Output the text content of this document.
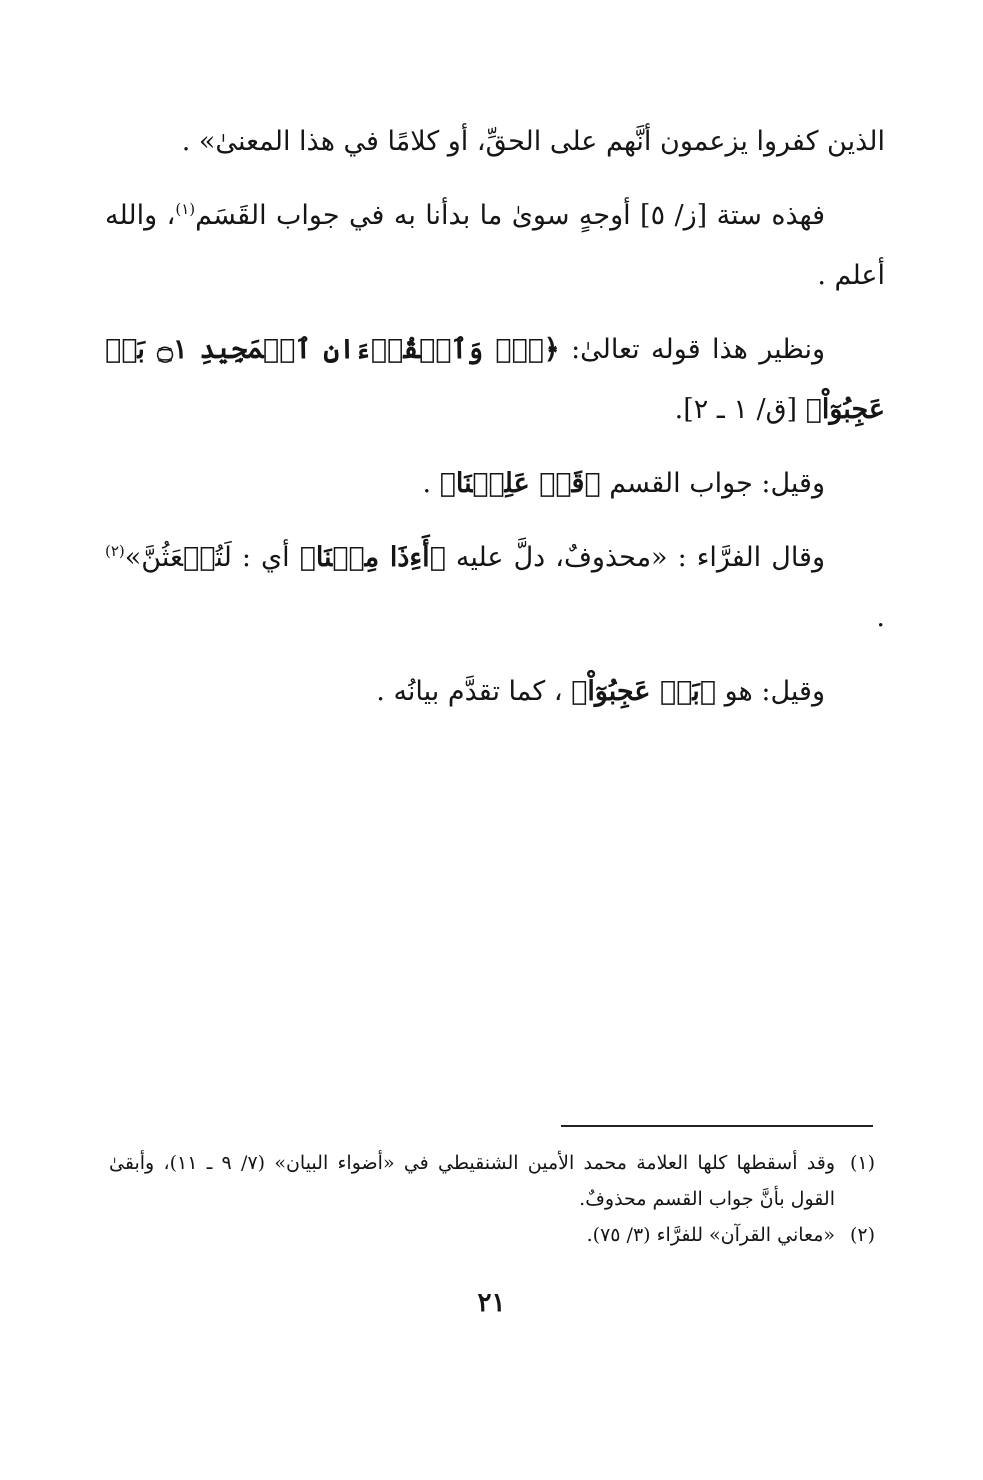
الذين كفروا يزعمون أنَّهم على الحقِّ، أو كلامًا في هذا المعنىٰ» .

فهذه ستة [ز/ ٥] أوجهٍ سوىٰ ما بدأنا به في جواب القَسَم$^{(١)}$، والله أعلم .

ونظير هذا قوله تعالىٰ: ﴿قٓۚ وَٱلۡقُرۡءَانِ ٱلۡمَجِيدِ ۝١ بَلۡ عَجِبُوٓاْ﴾ [ق/ ١ ـ ٢].

وقيل: جواب القسم ﴿قَدۡ عَلِمۡنَا﴾ .

وقال الفرَّاء : «محذوفٌ، دلَّ عليه ﴿أَءِذَا مِتۡنَا﴾ أي : لَتُبۡعَثُنَّ»$^{(٢)}$ .

وقيل: هو ﴿بَلۡ عَجِبُوٓاْ﴾ ، كما تقدَّم بيانُه .

(١)
وقد أسقطها كلها العلامة محمد الأمين الشنقيطي في «أضواء البيان» (٧/ ٩ ـ ١١)، وأبقىٰ القول بأنَّ جواب القسم محذوفٌ.
(٢)
«معاني القرآن» للفرَّاء (٣/ ٧٥).
٢١
